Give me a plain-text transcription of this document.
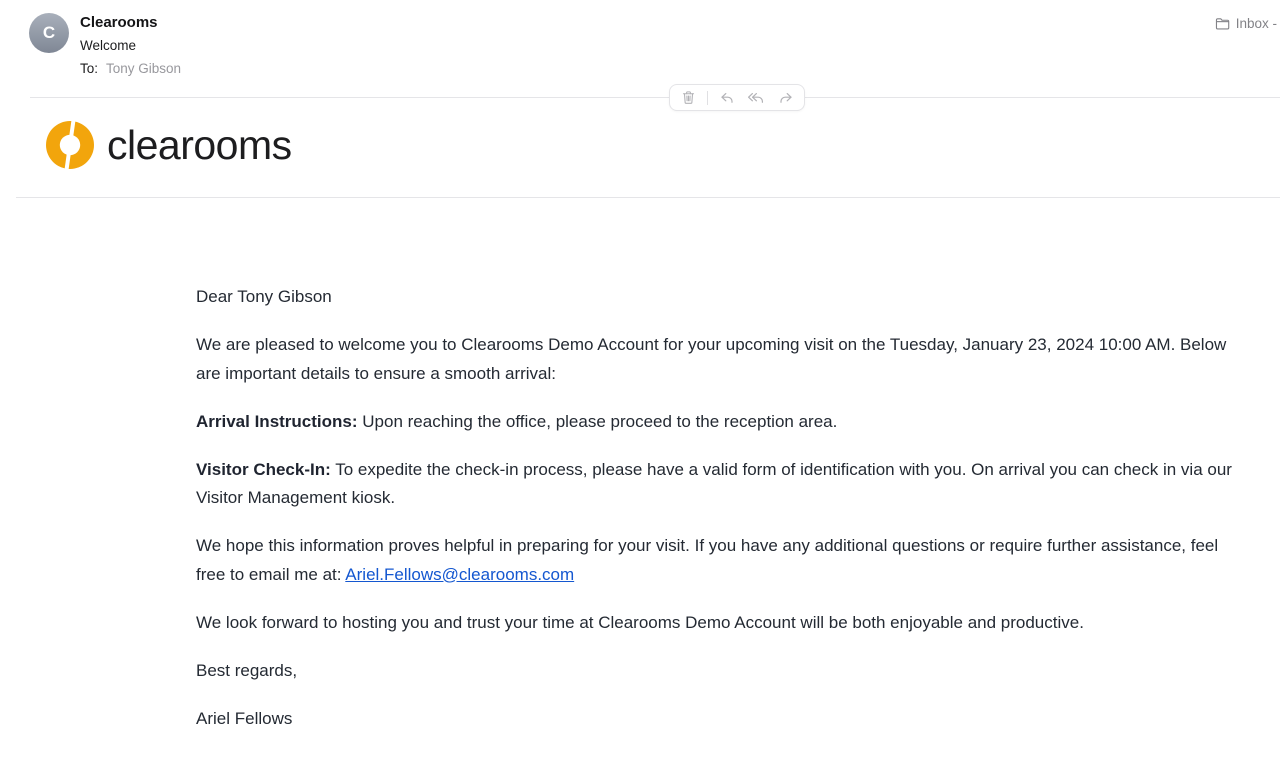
C
Clearooms
Welcome
To: Tony Gibson
Inbox -
clearooms

Dear Tony Gibson

We are pleased to welcome you to Clearooms Demo Account for your upcoming visit on the Tuesday, January 23, 2024 10:00 AM. Below are important details to ensure a smooth arrival:

Arrival Instructions: Upon reaching the office, please proceed to the reception area.

Visitor Check-In: To expedite the check-in process, please have a valid form of identification with you. On arrival you can check in via our Visitor Management kiosk.

We hope this information proves helpful in preparing for your visit. If you have any additional questions or require further assistance, feel free to email me at: Ariel.Fellows@clearooms.com

We look forward to hosting you and trust your time at Clearooms Demo Account will be both enjoyable and productive.

Best regards,

Ariel Fellows
